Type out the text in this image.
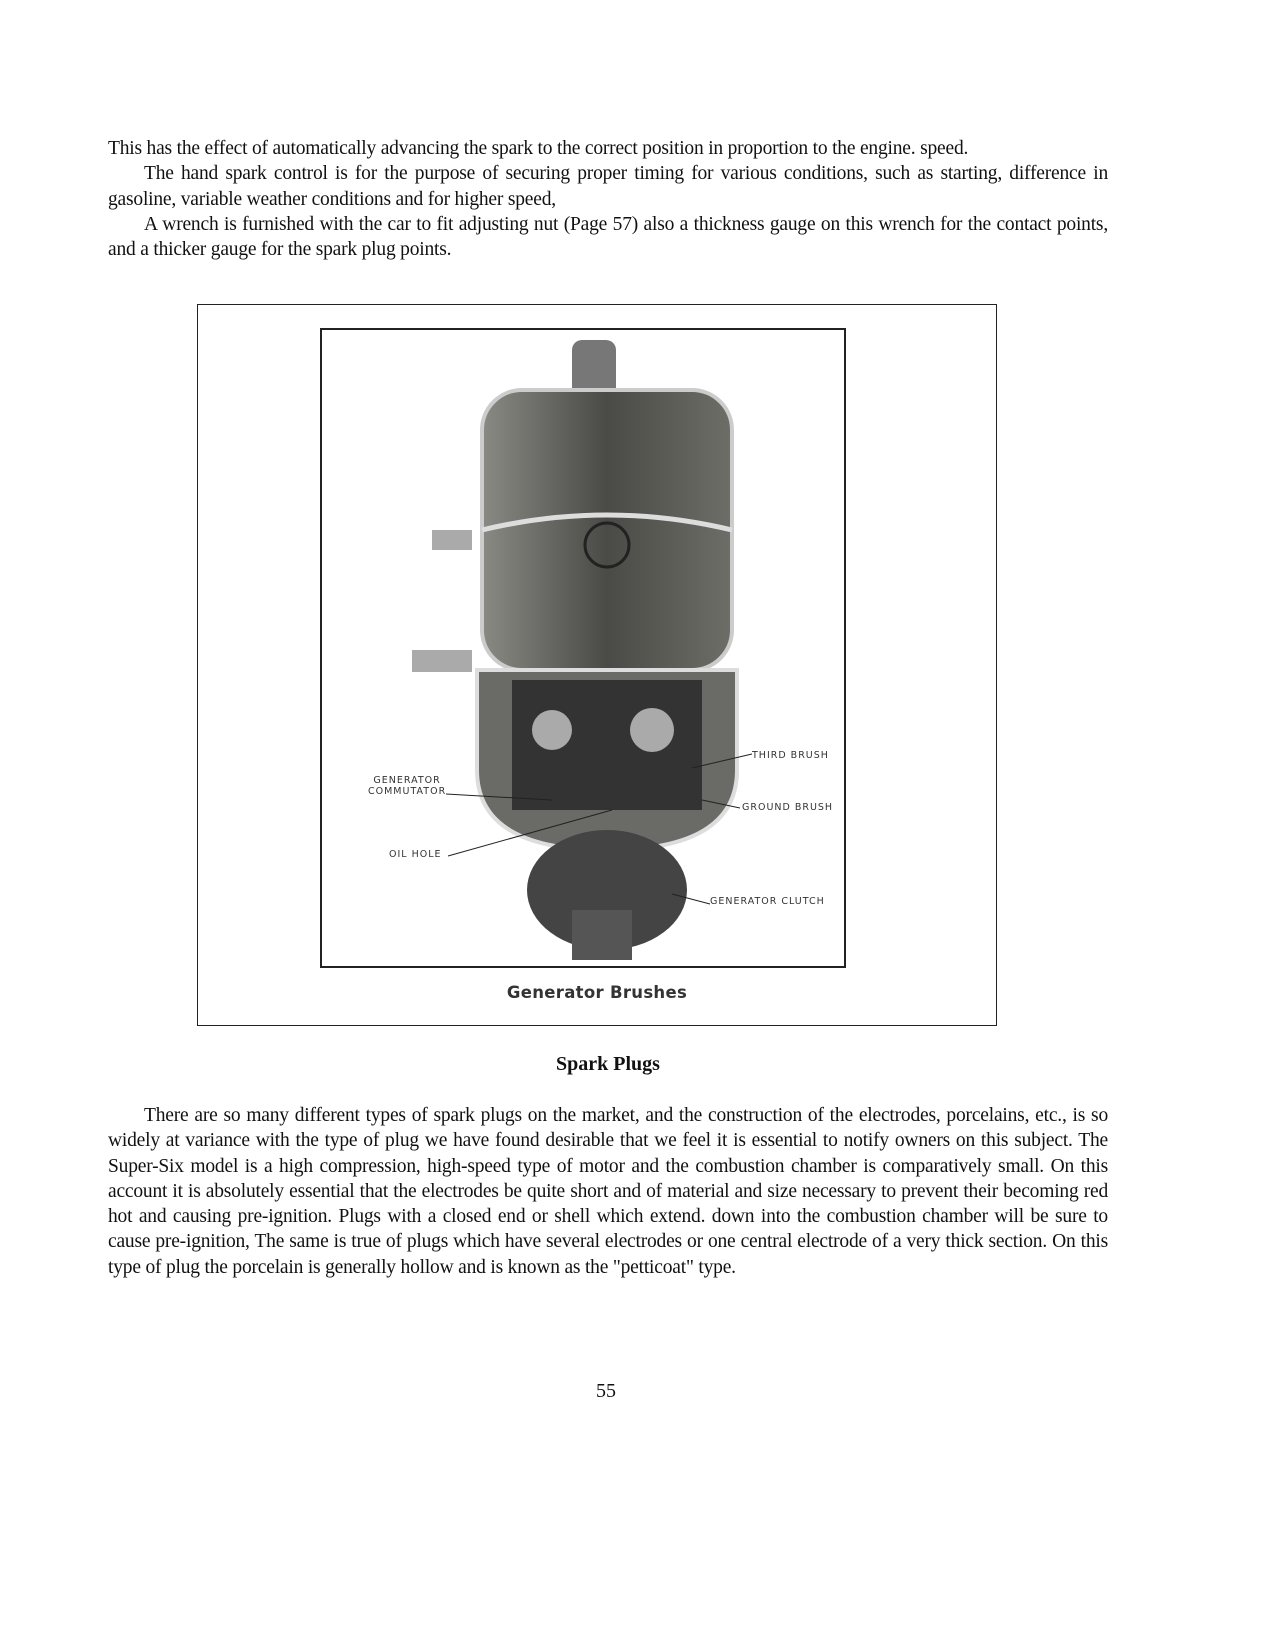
This has the effect of automatically advancing the spark to the correct position in proportion to the engine. speed.
The hand spark control is for the purpose of securing proper timing for various conditions, such as starting, difference in gasoline, variable weather conditions and for higher speed,
A wrench is furnished with the car to fit adjusting nut (Page 57) also a thickness gauge on this wrench for the contact points, and a thicker gauge for the spark plug points.
THIRD BRUSH
GENERATOR
COMMUTATOR
GROUND BRUSH
OIL HOLE
GENERATOR CLUTCH
Generator Brushes
Spark Plugs
There are so many different types of spark plugs on the market, and the construction of the electrodes, porcelains, etc., is so widely at variance with the type of plug we have found desirable that we feel it is essential to notify owners on this subject. The Super-Six model is a high compression, high-speed type of motor and the combustion chamber is comparatively small. On this account it is absolutely essential that the electrodes be quite short and of material and size necessary to prevent their becoming red hot and causing pre-ignition. Plugs with a closed end or shell which extend. down into the combustion chamber will be sure to cause pre-ignition, The same is true of plugs which have several electrodes or one central electrode of a very thick section. On this type of plug the porcelain is generally hollow and is known as the "petticoat" type.
55
